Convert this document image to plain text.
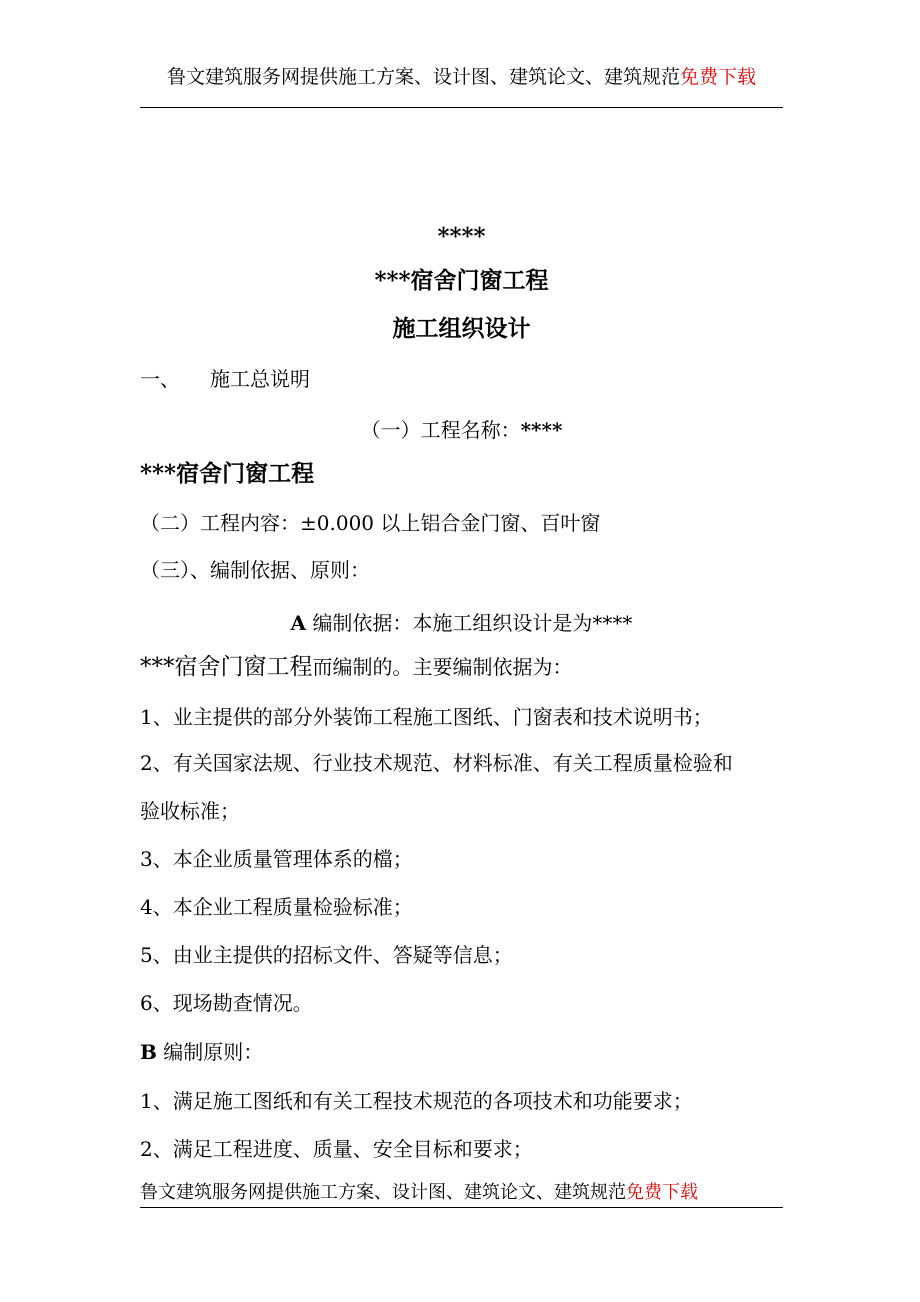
鲁文建筑服务网提供施工方案、设计图、建筑论文、建筑规范免费下载
****
***宿舍门窗工程
施工组织设计
一、 施工总说明
（一）工程名称：****
***宿舍门窗工程
（二）工程内容：±0.000 以上铝合金门窗、百叶窗
（三）、编制依据、原则：
A 编制依据：本施工组织设计是为****
***宿舍门窗工程而编制的。主要编制依据为：
1、业主提供的部分外装饰工程施工图纸、门窗表和技术说明书；
2、有关国家法规、行业技术规范、材料标准、有关工程质量检验和
验收标准；
3、本企业质量管理体系的檔；
4、本企业工程质量检验标准；
5、由业主提供的招标文件、答疑等信息；
6、现场勘查情况。
B 编制原则：
1、满足施工图纸和有关工程技术规范的各项技术和功能要求；
2、满足工程进度、质量、安全目标和要求；
鲁文建筑服务网提供施工方案、设计图、建筑论文、建筑规范免费下载
